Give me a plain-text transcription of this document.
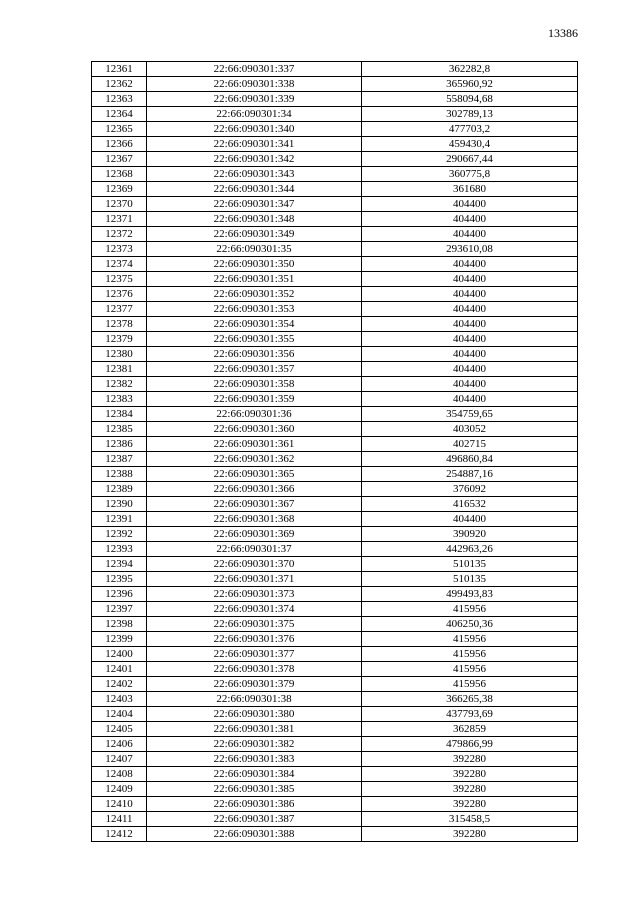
13386
12361	22:66:090301:337	362282,8
12362	22:66:090301:338	365960,92
12363	22:66:090301:339	558094,68
12364	22:66:090301:34	302789,13
12365	22:66:090301:340	477703,2
12366	22:66:090301:341	459430,4
12367	22:66:090301:342	290667,44
12368	22:66:090301:343	360775,8
12369	22:66:090301:344	361680
12370	22:66:090301:347	404400
12371	22:66:090301:348	404400
12372	22:66:090301:349	404400
12373	22:66:090301:35	293610,08
12374	22:66:090301:350	404400
12375	22:66:090301:351	404400
12376	22:66:090301:352	404400
12377	22:66:090301:353	404400
12378	22:66:090301:354	404400
12379	22:66:090301:355	404400
12380	22:66:090301:356	404400
12381	22:66:090301:357	404400
12382	22:66:090301:358	404400
12383	22:66:090301:359	404400
12384	22:66:090301:36	354759,65
12385	22:66:090301:360	403052
12386	22:66:090301:361	402715
12387	22:66:090301:362	496860,84
12388	22:66:090301:365	254887,16
12389	22:66:090301:366	376092
12390	22:66:090301:367	416532
12391	22:66:090301:368	404400
12392	22:66:090301:369	390920
12393	22:66:090301:37	442963,26
12394	22:66:090301:370	510135
12395	22:66:090301:371	510135
12396	22:66:090301:373	499493,83
12397	22:66:090301:374	415956
12398	22:66:090301:375	406250,36
12399	22:66:090301:376	415956
12400	22:66:090301:377	415956
12401	22:66:090301:378	415956
12402	22:66:090301:379	415956
12403	22:66:090301:38	366265,38
12404	22:66:090301:380	437793,69
12405	22:66:090301:381	362859
12406	22:66:090301:382	479866,99
12407	22:66:090301:383	392280
12408	22:66:090301:384	392280
12409	22:66:090301:385	392280
12410	22:66:090301:386	392280
12411	22:66:090301:387	315458,5
12412	22:66:090301:388	392280
